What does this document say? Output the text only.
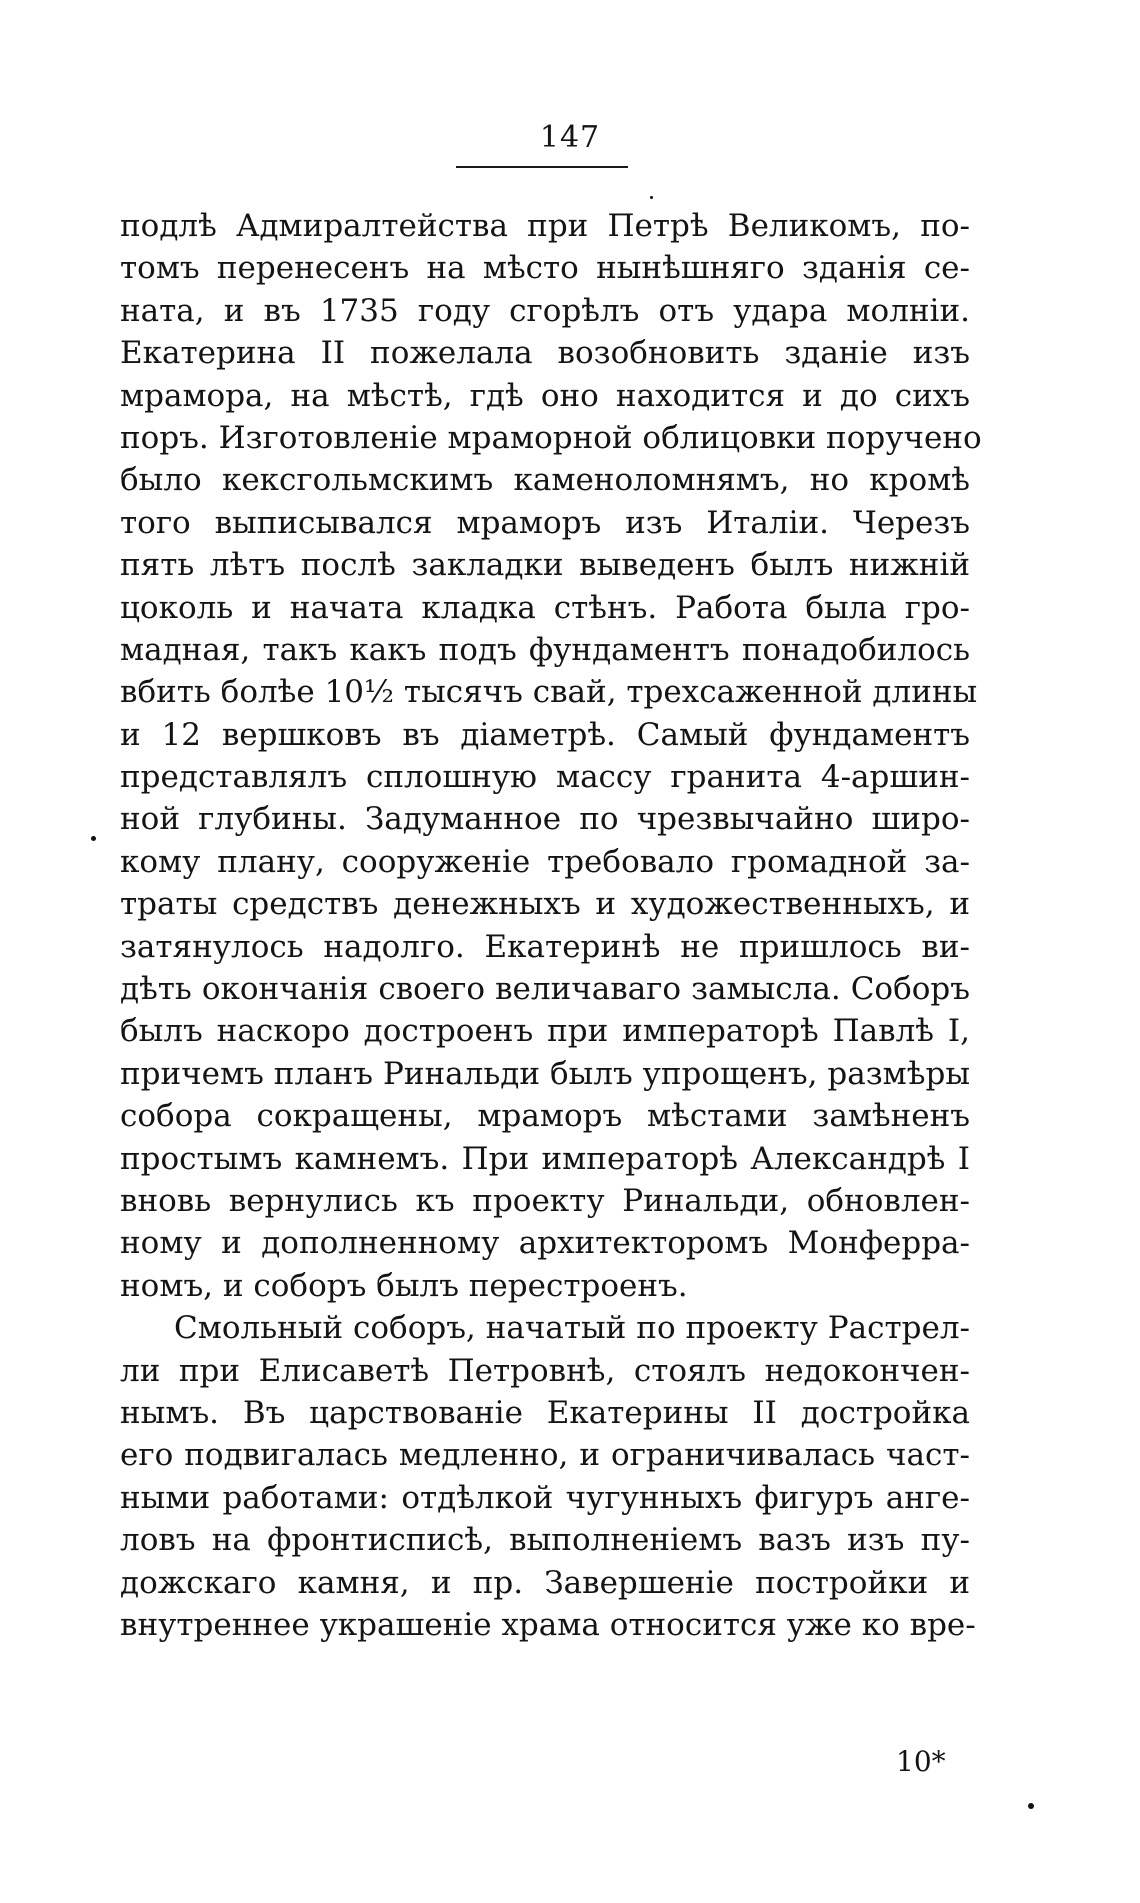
147
подлѣ Адмиралтейства при Петрѣ Великомъ, по-
томъ перенесенъ на мѣсто нынѣшняго зданія се-
ната, и въ 1735 году сгорѣлъ отъ удара молніи.
Екатерина II пожелала возобновить зданіе изъ
мрамора, на мѣстѣ, гдѣ оно находится и до сихъ
поръ. Изготовленіе мраморной облицовки поручено
было кексгольмскимъ каменоломнямъ, но кромѣ
того выписывался мраморъ изъ Италіи. Черезъ
пять лѣтъ послѣ закладки выведенъ былъ нижній
цоколь и начата кладка стѣнъ. Работа была гро-
мадная, такъ какъ подъ фундаментъ понадобилось
вбить болѣе 10½ тысячъ свай, трехсаженной длины
и 12 вершковъ въ діаметрѣ. Самый фундаментъ
представлялъ сплошную массу гранита 4-аршин-
ной глубины. Задуманное по чрезвычайно широ-
кому плану, сооруженіе требовало громадной за-
траты средствъ денежныхъ и художественныхъ, и
затянулось надолго. Екатеринѣ не пришлось ви-
дѣть окончанія своего величаваго замысла. Соборъ
былъ наскоро достроенъ при императорѣ Павлѣ I,
причемъ планъ Ринальди былъ упрощенъ, размѣры
собора сокращены, мраморъ мѣстами замѣненъ
простымъ камнемъ. При императорѣ Александрѣ I
вновь вернулись къ проекту Ринальди, обновлен-
ному и дополненному архитекторомъ Монферра-
номъ, и соборъ былъ перестроенъ.
Смольный соборъ, начатый по проекту Растрел-
ли при Елисаветѣ Петровнѣ, стоялъ недокончен-
нымъ. Въ царствованіе Екатерины II достройка
его подвигалась медленно, и ограничивалась част-
ными работами: отдѣлкой чугунныхъ фигуръ анге-
ловъ на фронтисписѣ, выполненіемъ вазъ изъ пу-
дожскаго камня, и пр. Завершеніе постройки и
внутреннее украшеніе храма относится уже ко вре-
10*
